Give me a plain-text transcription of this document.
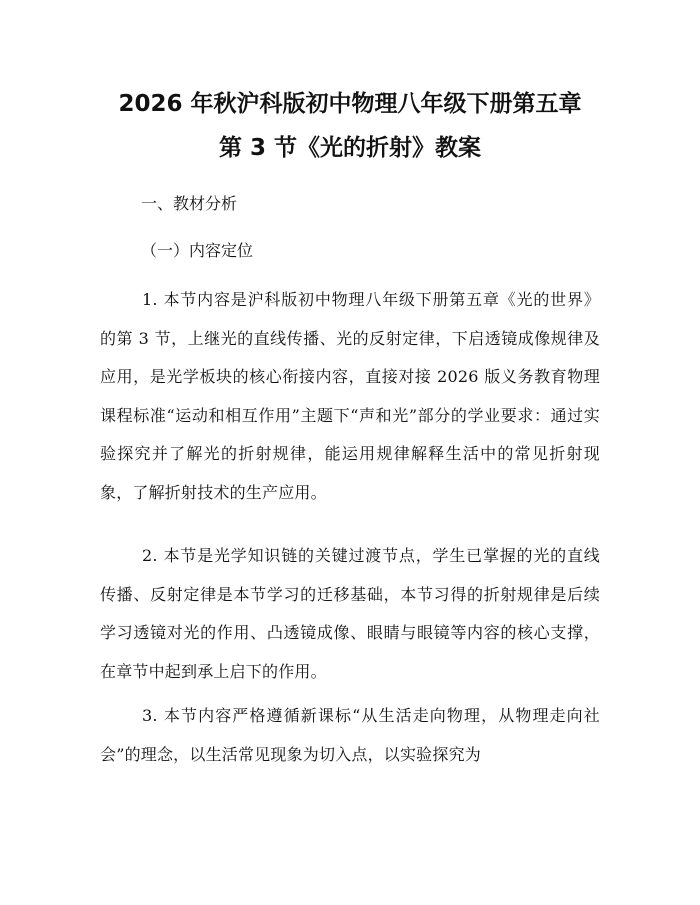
2026 年秋沪科版初中物理八年级下册第五章
第 3 节《光的折射》教案
一、教材分析
（一）内容定位

1. 本节内容是沪科版初中物理八年级下册第五章《光的世界》的第 3 节，上继光的直线传播、光的反射定律，下启透镜成像规律及应用，是光学板块的核心衔接内容，直接对接 2026 版义务教育物理课程标准“运动和相互作用”主题下“声和光”部分的学业要求：通过实验探究并了解光的折射规律，能运用规律解释生活中的常见折射现象，了解折射技术的生产应用。

2. 本节是光学知识链的关键过渡节点，学生已掌握的光的直线传播、反射定律是本节学习的迁移基础，本节习得的折射规律是后续学习透镜对光的作用、凸透镜成像、眼睛与眼镜等内容的核心支撑，在章节中起到承上启下的作用。

3. 本节内容严格遵循新课标“从生活走向物理，从物理走向社会”的理念，以生活常见现象为切入点，以实验探究为
